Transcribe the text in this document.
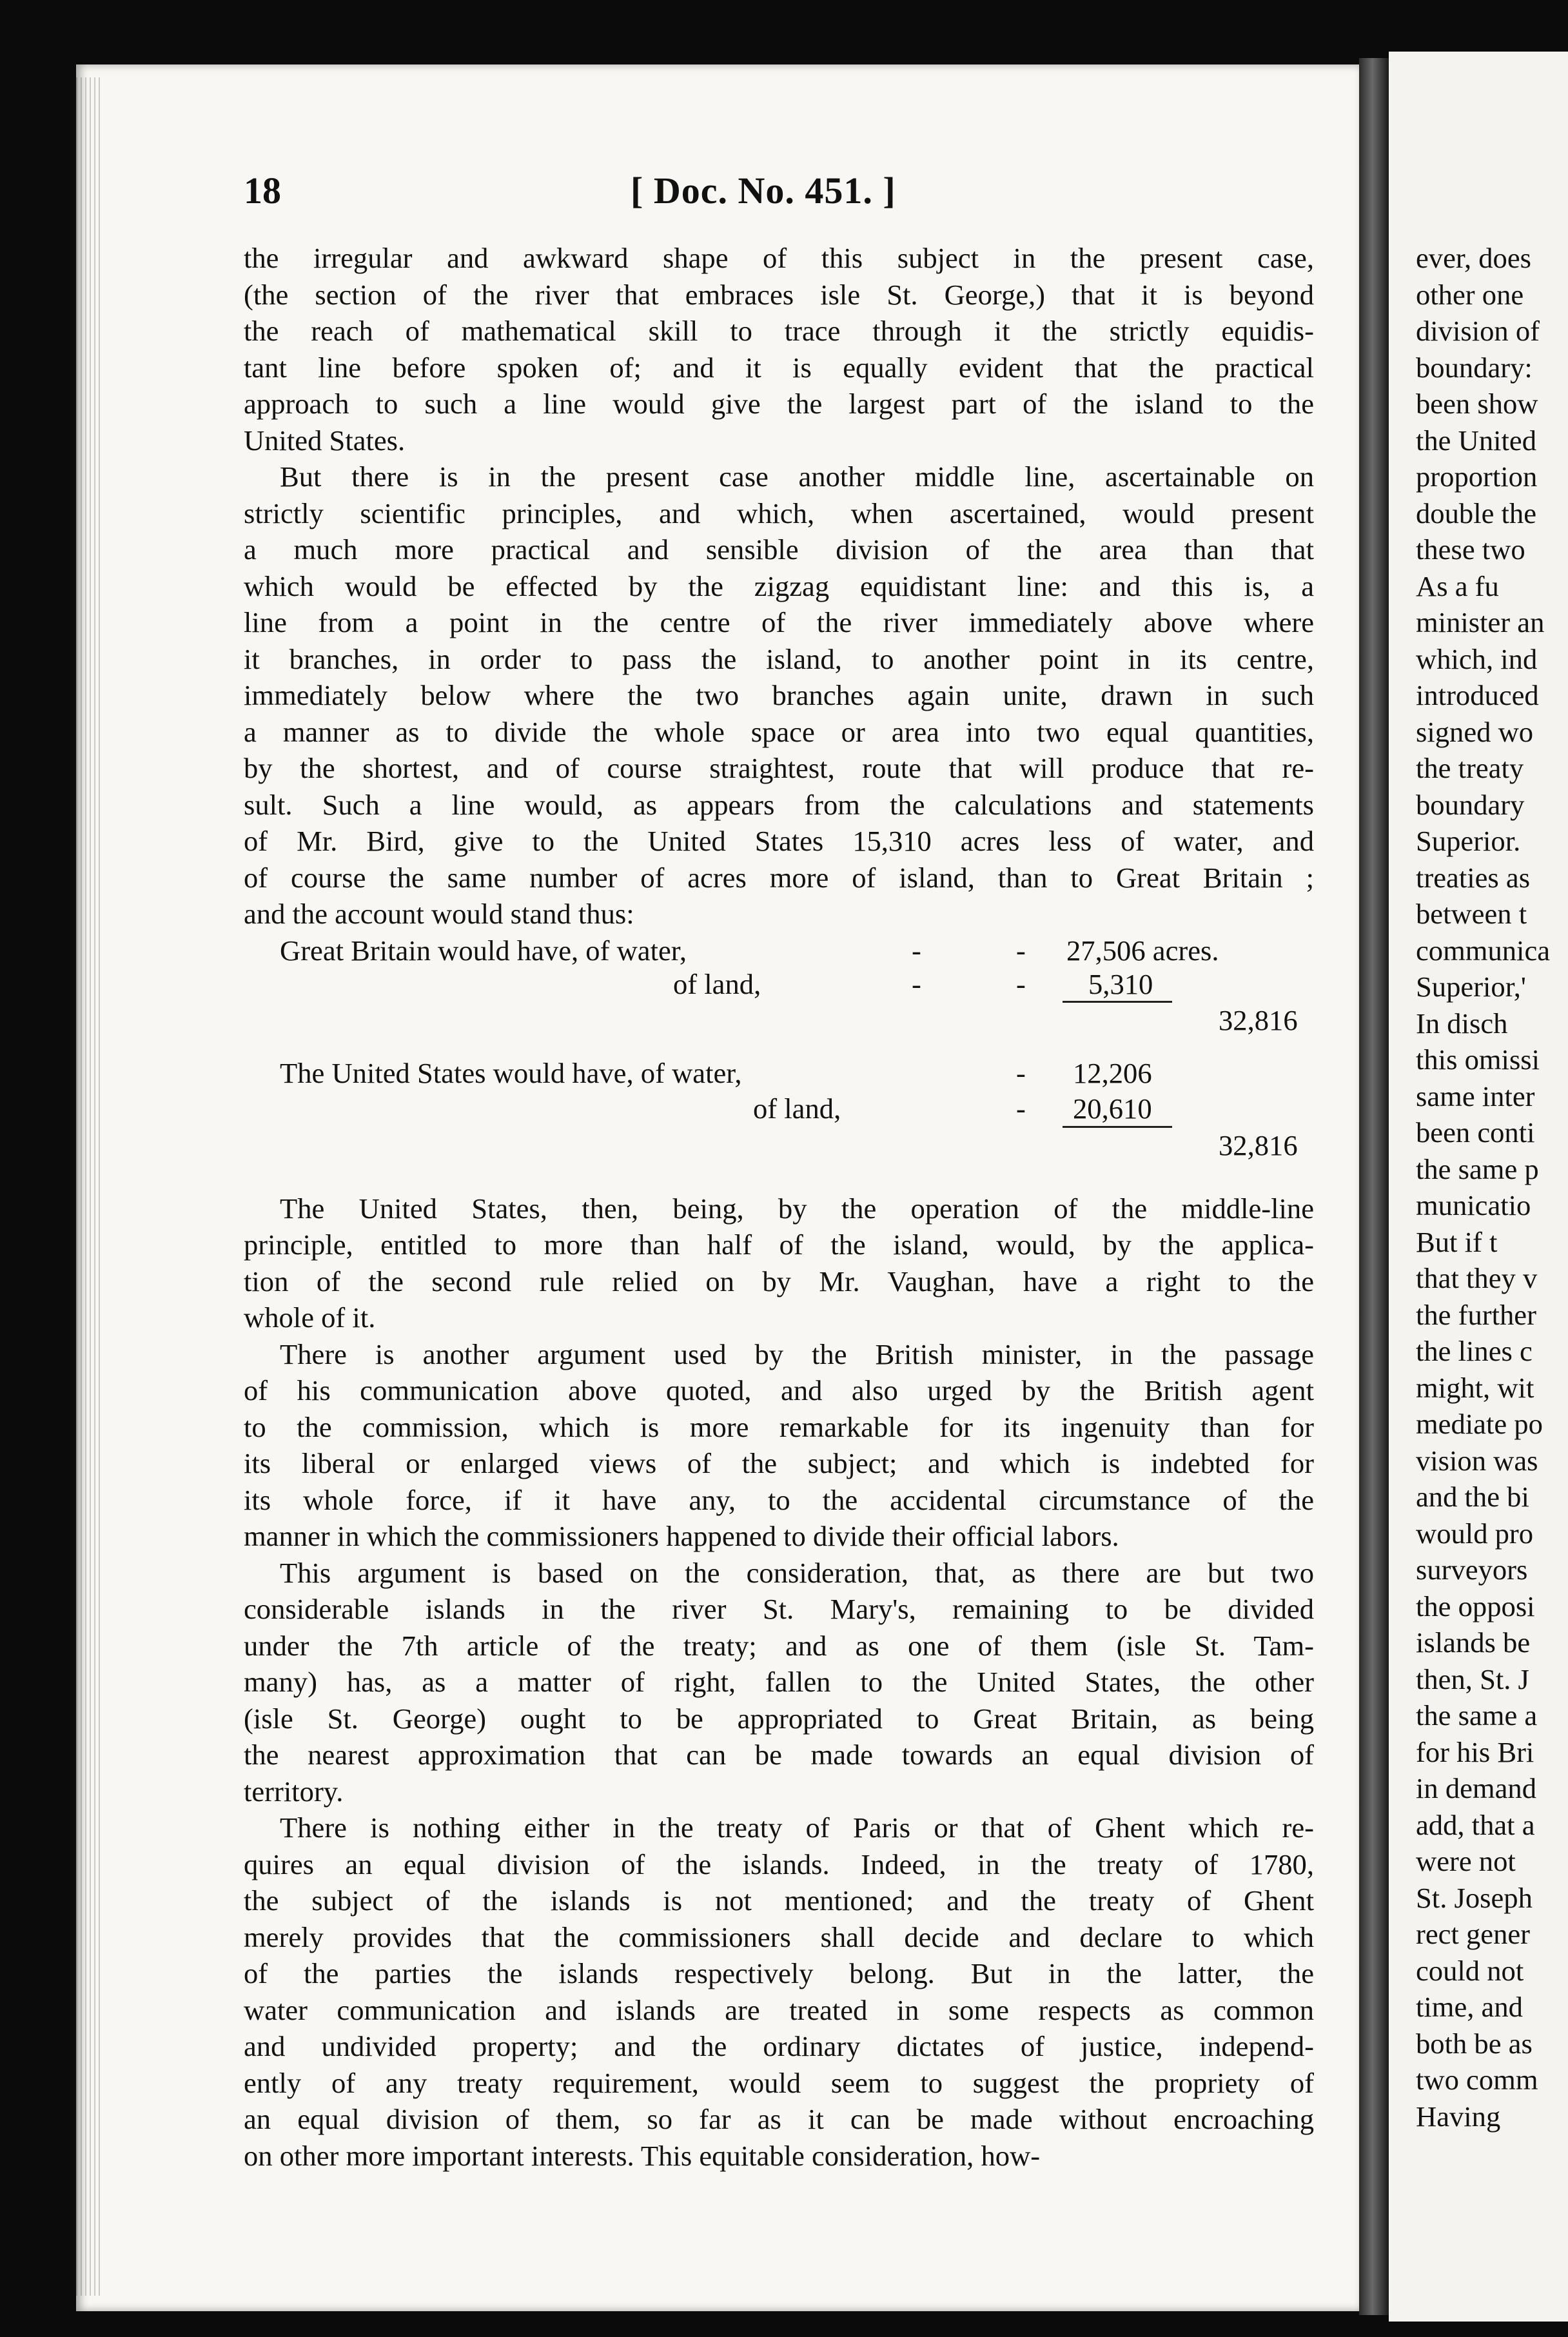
18	[ Doc. No. 451. ]

the irregular and awkward shape of this subject in the present case,

(the section of the river that embraces isle St. George,) that it is beyond

the reach of mathematical skill to trace through it the strictly equidis-

tant line before spoken of; and it is equally evident that the practical

approach to such a line would give the largest part of the island to the

United States.

But there is in the present case another middle line, ascertainable on

strictly scientific principles, and which, when ascertained, would present

a much more practical and sensible division of the area than that

which would be effected by the zigzag equidistant line: and this is, a

line from a point in the centre of the river immediately above where

it branches, in order to pass the island, to another point in its centre,

immediately below where the two branches again unite, drawn in such

a manner as to divide the whole space or area into two equal quantities,

by the shortest, and of course straightest, route that will produce that re-

sult. Such a line would, as appears from the calculations and statements

of Mr. Bird, give to the United States 15,310 acres less of water, and

of course the same number of acres more of island, than to Great Britain ;

and the account would stand thus:

Great Britain would have, of water,	-	- 27,506 acres.
of land,	-	- 5,310
32,816
The United States would have, of water,	- 12,206
of land,	- 20,610
32,816

The United States, then, being, by the operation of the middle-line

principle, entitled to more than half of the island, would, by the applica-

tion of the second rule relied on by Mr. Vaughan, have a right to the

whole of it.

There is another argument used by the British minister, in the passage

of his communication above quoted, and also urged by the British agent

to the commission, which is more remarkable for its ingenuity than for

its liberal or enlarged views of the subject; and which is indebted for

its whole force, if it have any, to the accidental circumstance of the

manner in which the commissioners happened to divide their official labors.

This argument is based on the consideration, that, as there are but two

considerable islands in the river St. Mary's, remaining to be divided

under the 7th article of the treaty; and as one of them (isle St. Tam-

many) has, as a matter of right, fallen to the United States, the other

(isle St. George) ought to be appropriated to Great Britain, as being

the nearest approximation that can be made towards an equal division of

territory.

There is nothing either in the treaty of Paris or that of Ghent which re-

quires an equal division of the islands. Indeed, in the treaty of 1780,

the subject of the islands is not mentioned; and the treaty of Ghent

merely provides that the commissioners shall decide and declare to which

of the parties the islands respectively belong. But in the latter, the

water communication and islands are treated in some respects as common

and undivided property; and the ordinary dictates of justice, independ-

ently of any treaty requirement, would seem to suggest the propriety of

an equal division of them, so far as it can be made without encroaching

on other more important interests. This equitable consideration, how-

ever, does
other one
division of
boundary:
been show
the United
proportion
double the
these two
As a fu
minister an
which, ind
introduced
signed wo
the treaty
boundary
Superior.
treaties as
between t
communica
Superior,'
In disch
this omissi
same inter
been conti
the same p
municatio
But if t
that they v
the further
the lines c
might, wit
mediate po
vision was
and the bi
would pro
surveyors
the opposi
islands be
then, St. J
the same a
for his Bri
in demand
add, that a
were not
St. Joseph
rect gener
could not
time, and
both be as
two comm
Having
